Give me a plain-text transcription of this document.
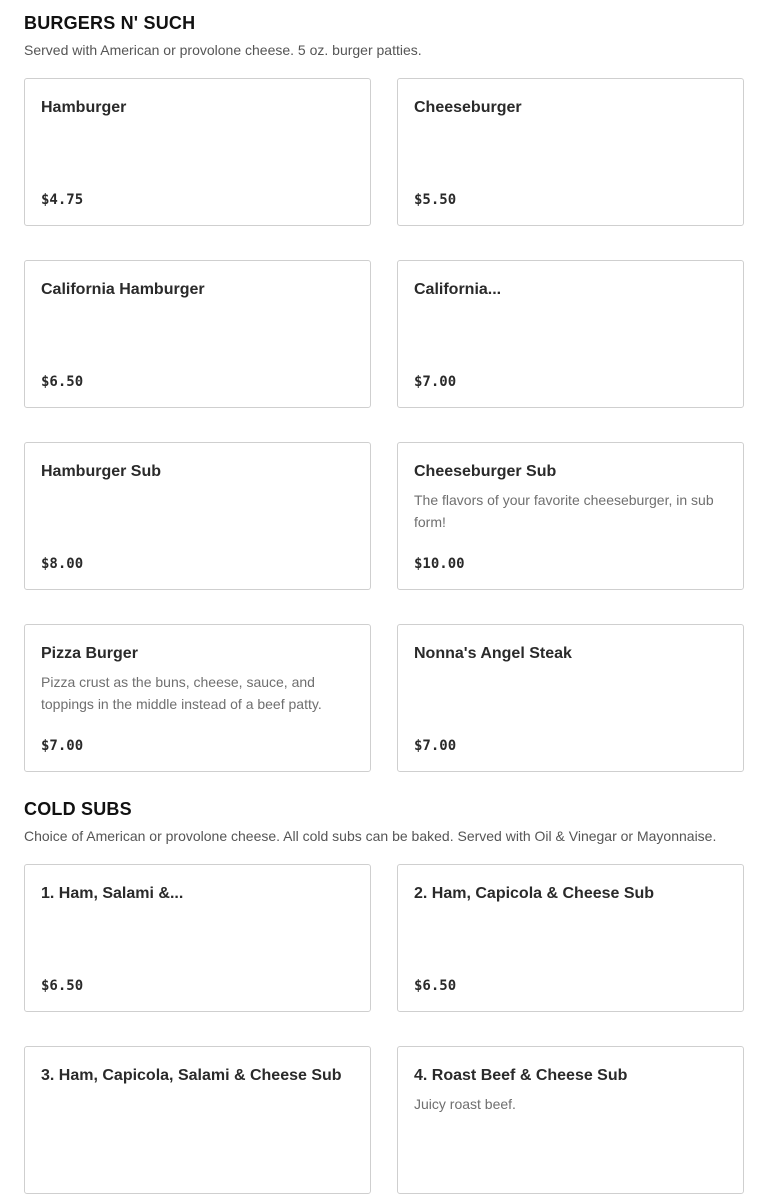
BURGERS N' SUCH
Served with American or provolone cheese. 5 oz. burger patties.
Hamburger
$4.75
Cheeseburger
$5.50
California Hamburger
$6.50
California...
$7.00
Hamburger Sub
$8.00
Cheeseburger Sub
The flavors of your favorite cheeseburger, in sub form!
$10.00
Pizza Burger
Pizza crust as the buns, cheese, sauce, and toppings in the middle instead of a beef patty.
$7.00
Nonna's Angel Steak
$7.00
COLD SUBS
Choice of American or provolone cheese. All cold subs can be baked. Served with Oil & Vinegar or Mayonnaise.
1. Ham, Salami &...
$6.50
2. Ham, Capicola & Cheese Sub
$6.50
3. Ham, Capicola, Salami & Cheese Sub	4. Roast Beef & Cheese Sub
Juicy roast beef.
